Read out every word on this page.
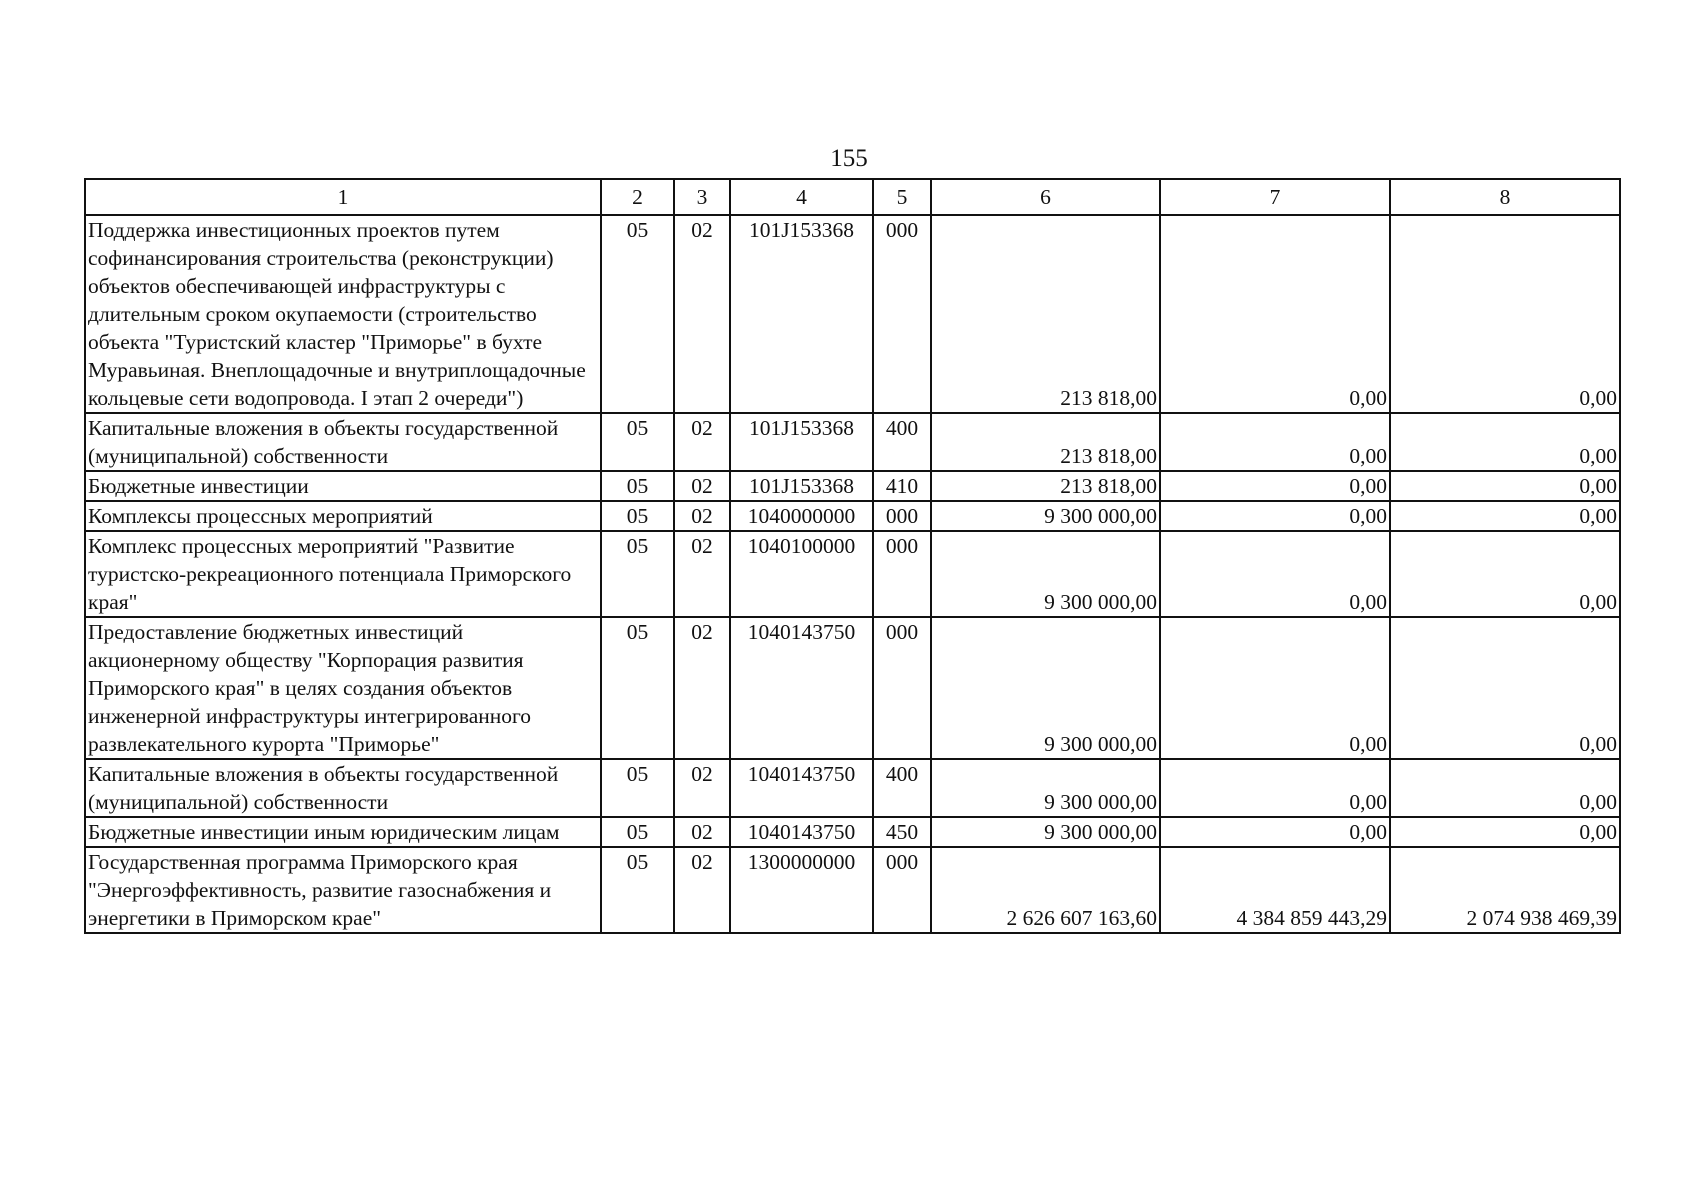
155
1	2	3	4	5	6	7	8
Поддержка инвестиционных проектов путем софинансирования строительства (реконструкции) объектов обеспечивающей инфраструктуры с длительным сроком окупаемости (строительство объекта "Туристский кластер "Приморье" в бухте Муравьиная. Внеплощадочные и внутриплощадочные кольцевые сети водопровода. I этап 2 очереди")	05	02	101J153368	000	213 818,00	0,00	0,00
Капитальные вложения в объекты государственной (муниципальной) собственности	05	02	101J153368	400	213 818,00	0,00	0,00
Бюджетные инвестиции	05	02	101J153368	410	213 818,00	0,00	0,00
Комплексы процессных мероприятий	05	02	1040000000	000	9 300 000,00	0,00	0,00
Комплекс процессных мероприятий "Развитие туристско-рекреационного потенциала Приморского края"	05	02	1040100000	000	9 300 000,00	0,00	0,00
Предоставление бюджетных инвестиций акционерному обществу "Корпорация развития Приморского края" в целях создания объектов инженерной инфраструктуры интегрированного развлекательного курорта "Приморье"	05	02	1040143750	000	9 300 000,00	0,00	0,00
Капитальные вложения в объекты государственной (муниципальной) собственности	05	02	1040143750	400	9 300 000,00	0,00	0,00
Бюджетные инвестиции иным юридическим лицам	05	02	1040143750	450	9 300 000,00	0,00	0,00
Государственная программа Приморского края "Энергоэффективность, развитие газоснабжения и энергетики в Приморском крае"	05	02	1300000000	000	2 626 607 163,60	4 384 859 443,29	2 074 938 469,39
